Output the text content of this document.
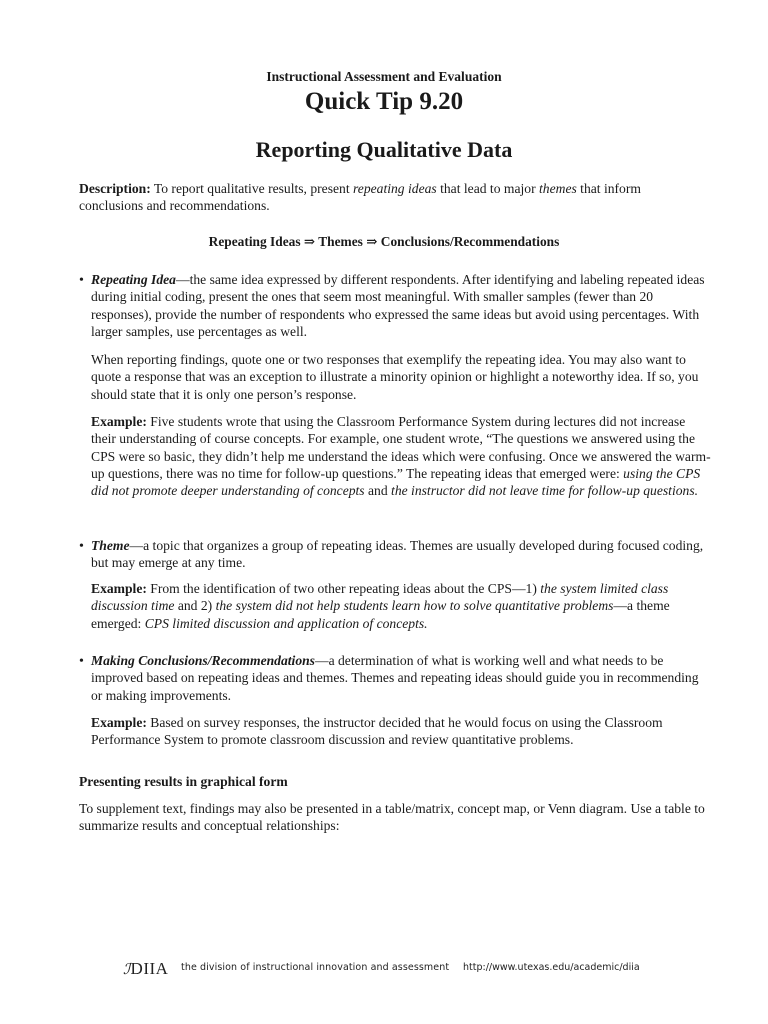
Instructional Assessment and Evaluation
Quick Tip 9.20
Reporting Qualitative Data
Description: To report qualitative results, present repeating ideas that lead to major themes that inform conclusions and recommendations.
Repeating Ideas ⇒ Themes ⇒ Conclusions/Recommendations
• Repeating Idea—the same idea expressed by different respondents. After identifying and labeling repeated ideas during initial coding, present the ones that seem most meaningful. With smaller samples (fewer than 20 responses), provide the number of respondents who expressed the same ideas but avoid using percentages. With larger samples, use percentages as well.
When reporting findings, quote one or two responses that exemplify the repeating idea. You may also want to quote a response that was an exception to illustrate a minority opinion or highlight a noteworthy idea. If so, you should state that it is only one person’s response.
Example: Five students wrote that using the Classroom Performance System during lectures did not increase their understanding of course concepts. For example, one student wrote, “The questions we answered using the CPS were so basic, they didn’t help me understand the ideas which were confusing. Once we answered the warm-up questions, there was no time for follow-up questions.” The repeating ideas that emerged were: using the CPS did not promote deeper understanding of concepts and the instructor did not leave time for follow-up questions.
• Theme—a topic that organizes a group of repeating ideas. Themes are usually developed during focused coding, but may emerge at any time.
Example: From the identification of two other repeating ideas about the CPS—1) the system limited class discussion time and 2) the system did not help students learn how to solve quantitative problems—a theme emerged: CPS limited discussion and application of concepts.
• Making Conclusions/Recommendations—a determination of what is working well and what needs to be improved based on repeating ideas and themes. Themes and repeating ideas should guide you in recommending or making improvements.
Example: Based on survey responses, the instructor decided that he would focus on using the Classroom Performance System to promote classroom discussion and review quantitative problems.
Presenting results in graphical form
To supplement text, findings may also be presented in a table/matrix, concept map, or Venn diagram. Use a table to summarize results and conceptual relationships:
ℐDIIA the division of instructional innovation and assessment http://www.utexas.edu/academic/diia
